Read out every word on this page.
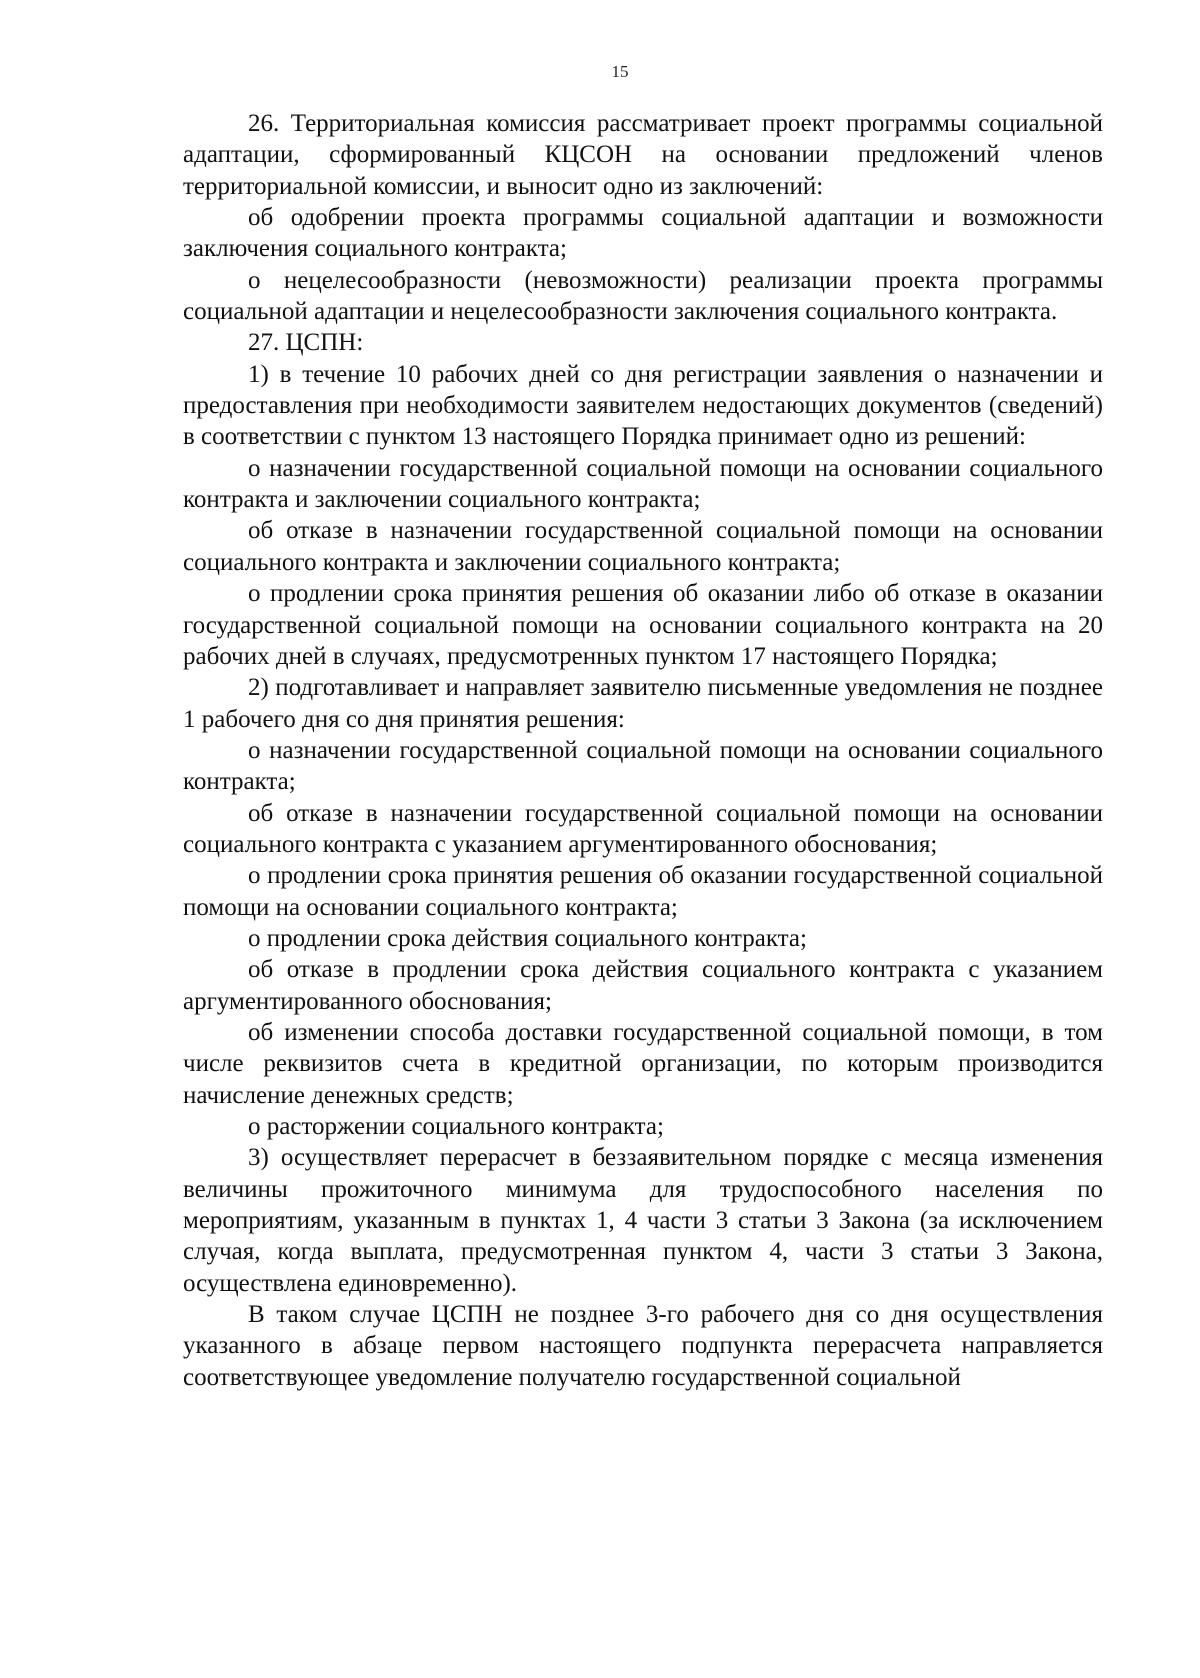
15

26. Территориальная комиссия рассматривает проект программы социальной адаптации, сформированный КЦСОН на основании предложений членов территориальной комиссии, и выносит одно из заключений:

об одобрении проекта программы социальной адаптации и возможности заключения социального контракта;

о нецелесообразности (невозможности) реализации проекта программы социальной адаптации и нецелесообразности заключения социального контракта.

27. ЦСПН:

1) в течение 10 рабочих дней со дня регистрации заявления о назначении и предоставления при необходимости заявителем недостающих документов (сведений) в соответствии с пунктом 13 настоящего Порядка принимает одно из решений:

о назначении государственной социальной помощи на основании социального контракта и заключении социального контракта;

об отказе в назначении государственной социальной помощи на основании социального контракта и заключении социального контракта;

о продлении срока принятия решения об оказании либо об отказе в оказании государственной социальной помощи на основании социального контракта на 20 рабочих дней в случаях, предусмотренных пунктом 17 настоящего Порядка;

2) подготавливает и направляет заявителю письменные уведомления не позднее 1 рабочего дня со дня принятия решения:

о назначении государственной социальной помощи на основании социального контракта;

об отказе в назначении государственной социальной помощи на основании социального контракта с указанием аргументированного обоснования;

о продлении срока принятия решения об оказании государственной социальной помощи на основании социального контракта;

о продлении срока действия социального контракта;

об отказе в продлении срока действия социального контракта с указанием аргументированного обоснования;

об изменении способа доставки государственной социальной помощи, в том числе реквизитов счета в кредитной организации, по которым производится начисление денежных средств;

о расторжении социального контракта;

3) осуществляет перерасчет в беззаявительном порядке с месяца изменения величины прожиточного минимума для трудоспособного населения по мероприятиям, указанным в пунктах 1, 4 части 3 статьи 3 Закона (за исключением случая, когда выплата, предусмотренная пунктом 4, части 3 статьи 3 Закона, осуществлена единовременно).

В таком случае ЦСПН не позднее 3-го рабочего дня со дня осуществления указанного в абзаце первом настоящего подпункта перерасчета направляется соответствующее уведомление получателю государственной социальной
